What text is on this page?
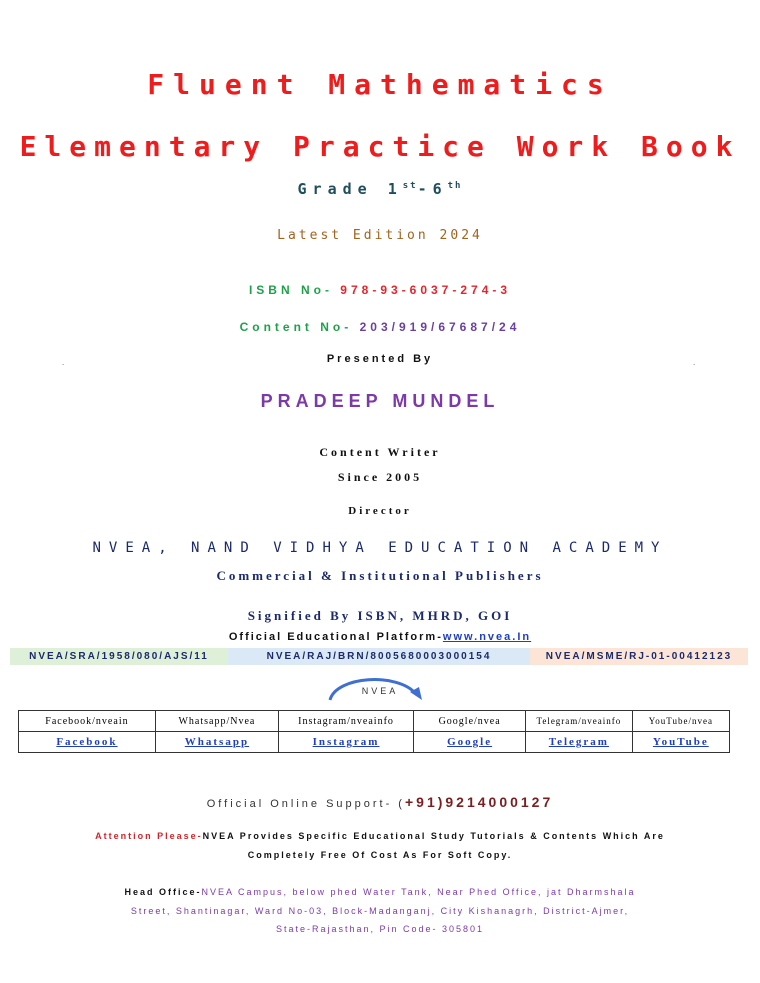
Fluent Mathematics
Elementary Practice Work Book
Grade 1st-6th
Latest Edition 2024
ISBN No- 978-93-6037-274-3
Content No- 203/919/67687/24
.	.
Presented By
PRADEEP MUNDEL
Content Writer
Since 2005
Director
NVEA, NAND VIDHYA EDUCATION ACADEMY
Commercial & Institutional Publishers
Signified By ISBN, MHRD, GOI
Official Educational Platform-www.nvea.In
NVEA/SRA/1958/080/AJS/11	NVEA/RAJ/BRN/8005680003000154	NVEA/MSME/RJ-01-00412123
NVEA
Facebook/nveain	Whatsapp/Nvea	Instagram/nveainfo	Google/nvea	Telegram/nveainfo	YouTube/nvea
Facebook	Whatsapp	Instagram	Google	Telegram	YouTube
Official Online Support- (+91)9214000127
Attention Please-NVEA Provides Specific Educational Study Tutorials & Contents Which Are
Completely Free Of Cost As For Soft Copy.
Head Office-NVEA Campus, below phed Water Tank, Near Phed Office, jat Dharmshala
Street, Shantinagar, Ward No-03, Block-Madanganj, City Kishanagrh, District-Ajmer,
State-Rajasthan, Pin Code- 305801
